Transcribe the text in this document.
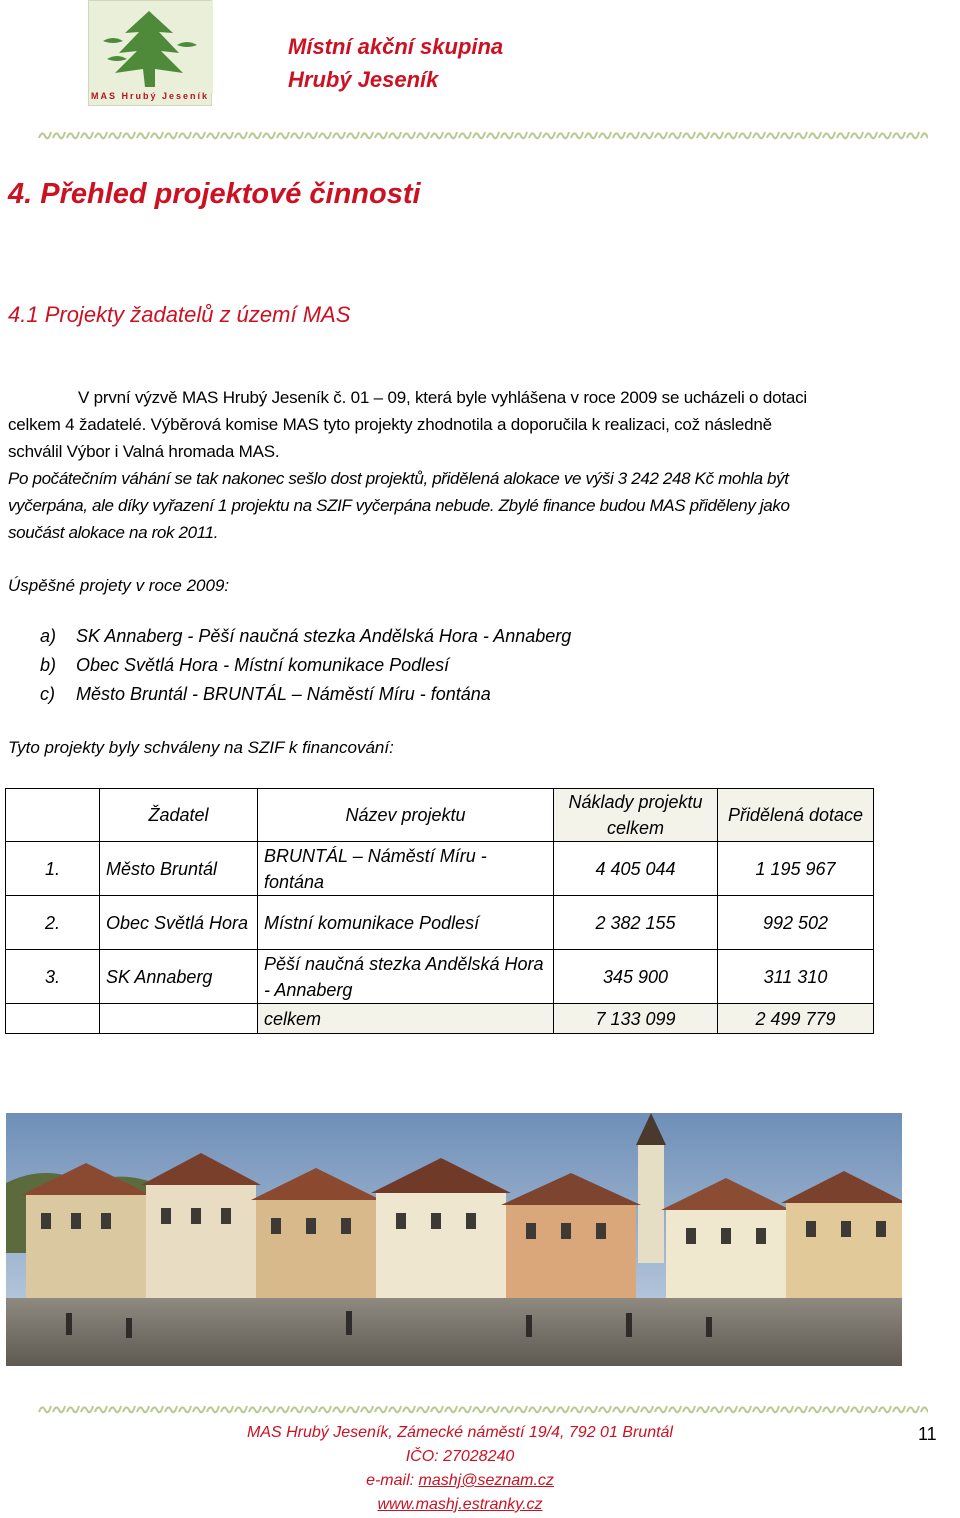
MAS Hrubý Jeseník
Místní akční skupina
Hrubý Jeseník
4. Přehled projektové činnosti
4.1 Projekty žadatelů z území MAS

V první výzvě MAS Hrubý Jeseník č. 01 – 09, která byle vyhlášena v roce 2009 se ucházeli o dotaci

celkem 4 žadatelé. Výběrová komise MAS tyto projekty zhodnotila a doporučila k realizaci, což následně

schválil Výbor i Valná hromada MAS.

Po počátečním váhání se tak nakonec sešlo dost projektů, přidělená alokace ve výši 3 242 248 Kč mohla být

vyčerpána, ale díky vyřazení 1 projektu na SZIF vyčerpána nebude. Zbylé finance budou MAS přiděleny jako

součást alokace na rok 2011.

Úspěšné projety v roce 2009:
a)	SK Annaberg - Pěší naučná stezka Andělská Hora - Annaberg
b)	Obec Světlá Hora - Místní komunikace Podlesí
c)	Město Bruntál - BRUNTÁL – Náměstí Míru - fontána
Tyto projekty byly schváleny na SZIF k financování:
	Žadatel	Název projektu	Náklady projektu celkem	Přidělená dotace
1.	Město Bruntál	BRUNTÁL – Náměstí Míru - fontána	4 405 044	1 195 967
2.	Obec Světlá Hora	Místní komunikace Podlesí	2 382 155	992 502
3.	SK Annaberg	Pěší naučná stezka Andělská Hora - Annaberg	345 900	311 310
		celkem	7 133 099	2 499 779
MAS Hrubý Jeseník, Zámecké náměstí 19/4, 792 01 Bruntál
IČO: 27028240
e-mail: mashj@seznam.cz
www.mashj.estranky.cz
11
